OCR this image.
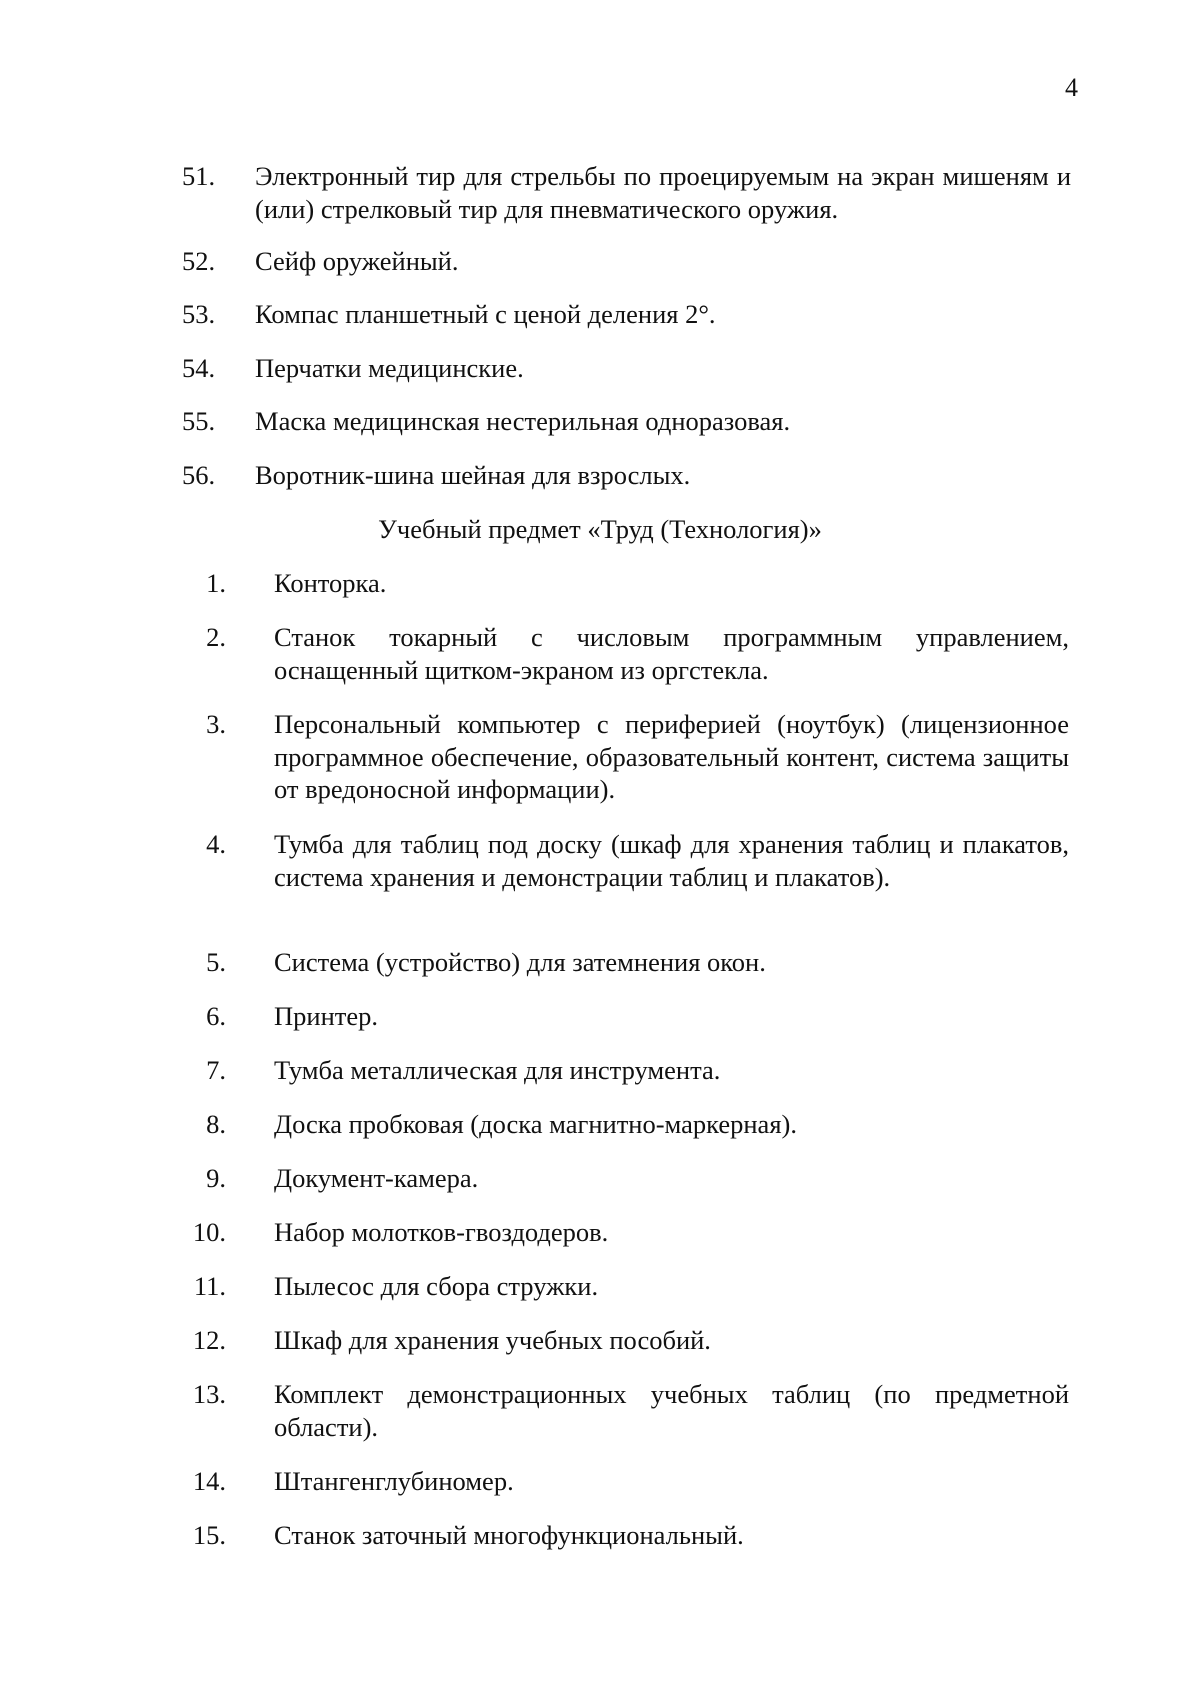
4
51. Электронный тир для стрельбы по проецируемым на экран мишеням и (или) стрелковый тир для пневматического оружия.
52. Сейф оружейный.
53. Компас планшетный с ценой деления 2°.
54. Перчатки медицинские.
55. Маска медицинская нестерильная одноразовая.
56. Воротник-шина шейная для взрослых.
Учебный предмет «Труд (Технология)»
1. Конторка.
2. Станок токарный с числовым программным управлением, оснащенный щитком-экраном из оргстекла.
3. Персональный компьютер с периферией (ноутбук) (лицензионное программное обеспечение, образовательный контент, система защиты от вредоносной информации).
4. Тумба для таблиц под доску (шкаф для хранения таблиц и плакатов, система хранения и демонстрации таблиц и плакатов).
5. Система (устройство) для затемнения окон.
6. Принтер.
7. Тумба металлическая для инструмента.
8. Доска пробковая (доска магнитно-маркерная).
9. Документ-камера.
10. Набор молотков-гвоздодеров.
11. Пылесос для сбора стружки.
12. Шкаф для хранения учебных пособий.
13. Комплект демонстрационных учебных таблиц (по предметной области).
14. Штангенглубиномер.
15. Станок заточный многофункциональный.
